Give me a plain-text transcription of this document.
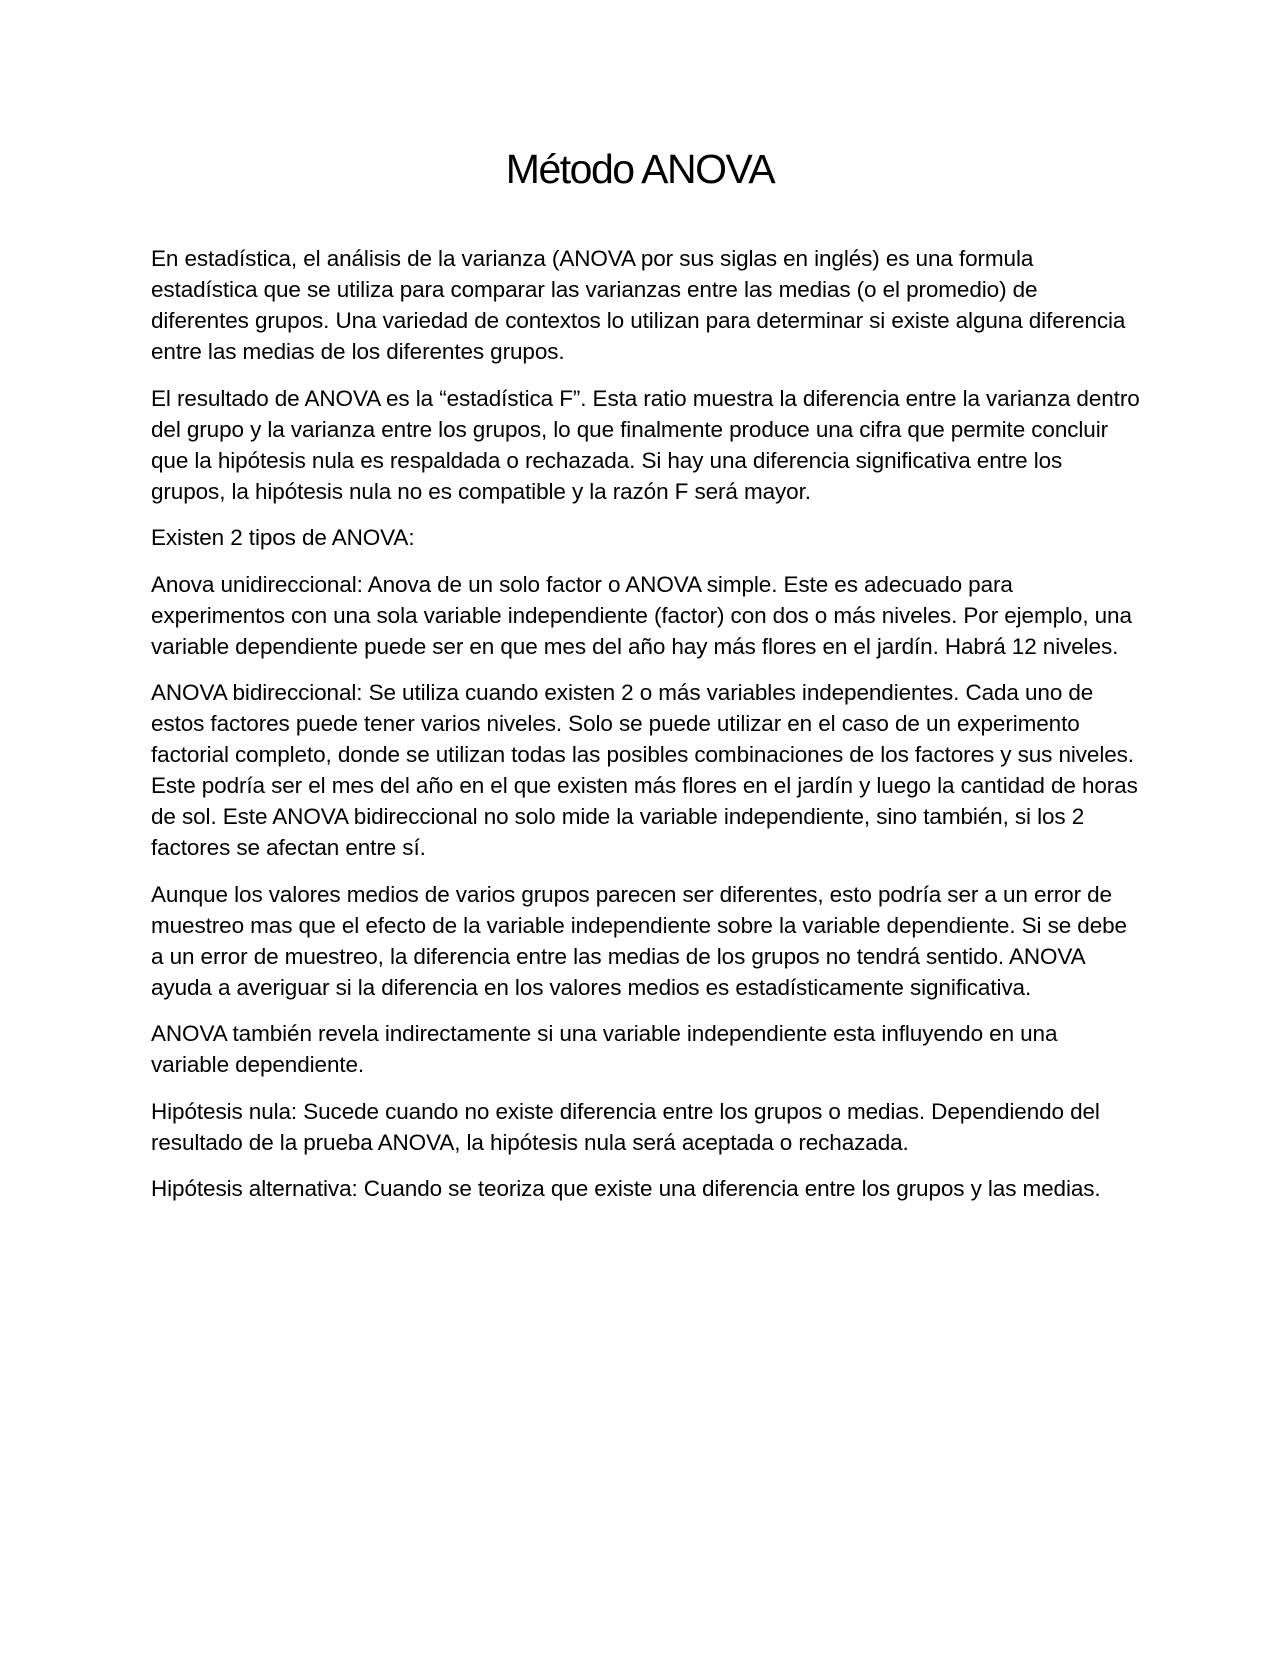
Método ANOVA

En estadística, el análisis de la varianza (ANOVA por sus siglas en inglés) es una formula estadística que se utiliza para comparar las varianzas entre las medias (o el promedio) de diferentes grupos. Una variedad de contextos lo utilizan para determinar si existe alguna diferencia entre las medias de los diferentes grupos.

El resultado de ANOVA es la “estadística F”. Esta ratio muestra la diferencia entre la varianza dentro del grupo y la varianza entre los grupos, lo que finalmente produce una cifra que permite concluir que la hipótesis nula es respaldada o rechazada. Si hay una diferencia significativa entre los grupos, la hipótesis nula no es compatible y la razón F será mayor.

Existen 2 tipos de ANOVA:

Anova unidireccional: Anova de un solo factor o ANOVA simple. Este es adecuado para experimentos con una sola variable independiente (factor) con dos o más niveles. Por ejemplo, una variable dependiente puede ser en que mes del año hay más flores en el jardín. Habrá 12 niveles.

ANOVA bidireccional: Se utiliza cuando existen 2 o más variables independientes. Cada uno de estos factores puede tener varios niveles. Solo se puede utilizar en el caso de un experimento factorial completo, donde se utilizan todas las posibles combinaciones de los factores y sus niveles. Este podría ser el mes del año en el que existen más flores en el jardín y luego la cantidad de horas de sol. Este ANOVA bidireccional no solo mide la variable independiente, sino también, si los 2 factores se afectan entre sí.

Aunque los valores medios de varios grupos parecen ser diferentes, esto podría ser a un error de muestreo mas que el efecto de la variable independiente sobre la variable dependiente. Si se debe a un error de muestreo, la diferencia entre las medias de los grupos no tendrá sentido. ANOVA ayuda a averiguar si la diferencia en los valores medios es estadísticamente significativa.

ANOVA también revela indirectamente si una variable independiente esta influyendo en una variable dependiente.

Hipótesis nula: Sucede cuando no existe diferencia entre los grupos o medias. Dependiendo del resultado de la prueba ANOVA, la hipótesis nula será aceptada o rechazada.

Hipótesis alternativa: Cuando se teoriza que existe una diferencia entre los grupos y las medias.
